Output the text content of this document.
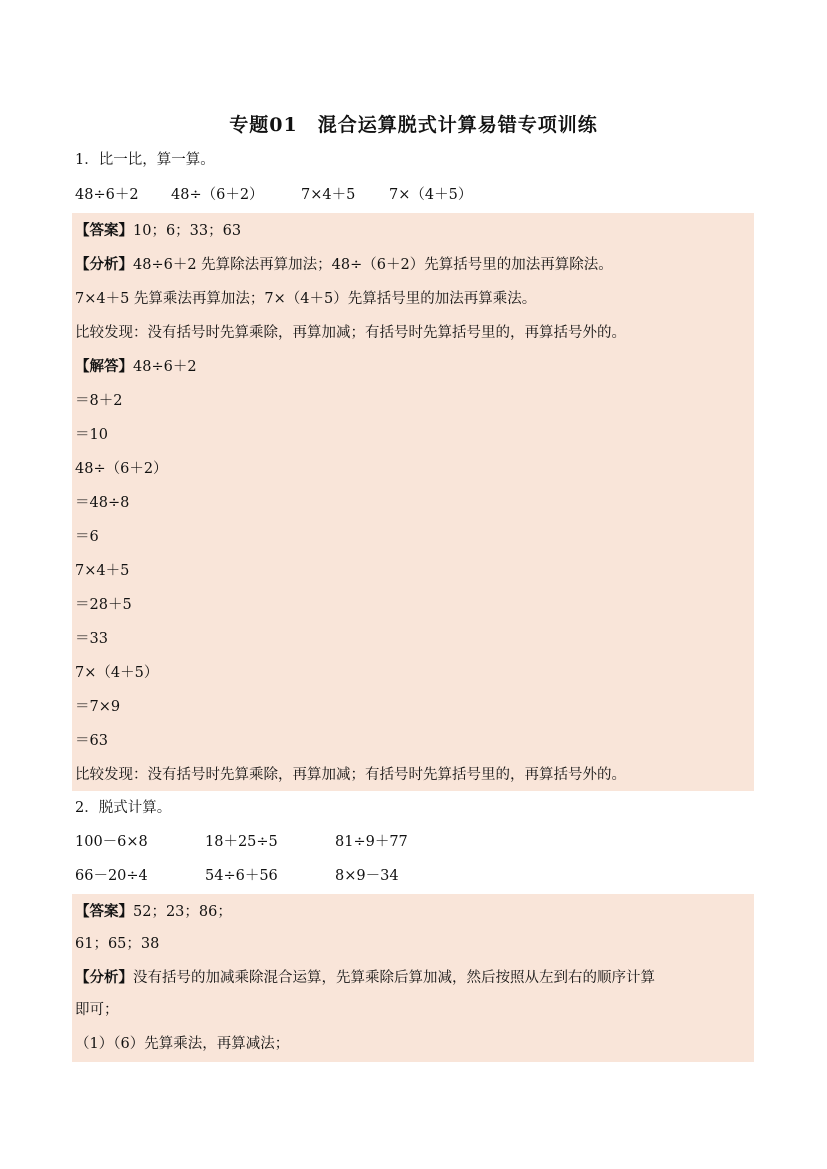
专题01　混合运算脱式计算易错专项训练
1．比一比，算一算。
48÷6＋2 48÷（6＋2）	7×4＋5 7×（4＋5）
【答案】10；6；33；63
【分析】48÷6＋2 先算除法再算加法；48÷（6＋2）先算括号里的加法再算除法。
7×4＋5 先算乘法再算加法；7×（4＋5）先算括号里的加法再算乘法。
比较发现：没有括号时先算乘除，再算加减；有括号时先算括号里的，再算括号外的。
【解答】48÷6＋2
＝8＋2
＝10
48÷（6＋2）
＝48÷8
＝6
7×4＋5
＝28＋5
＝33
7×（4＋5）
＝7×9
＝63
比较发现：没有括号时先算乘除，再算加减；有括号时先算括号里的，再算括号外的。
2．脱式计算。
100－6×8	18＋25÷5	81÷9＋77
66－20÷4	54÷6＋56	8×9－34
【答案】52；23；86；
61；65；38
【分析】没有括号的加减乘除混合运算，先算乘除后算加减，然后按照从左到右的顺序计算
即可；
（1）（6）先算乘法，再算减法；
